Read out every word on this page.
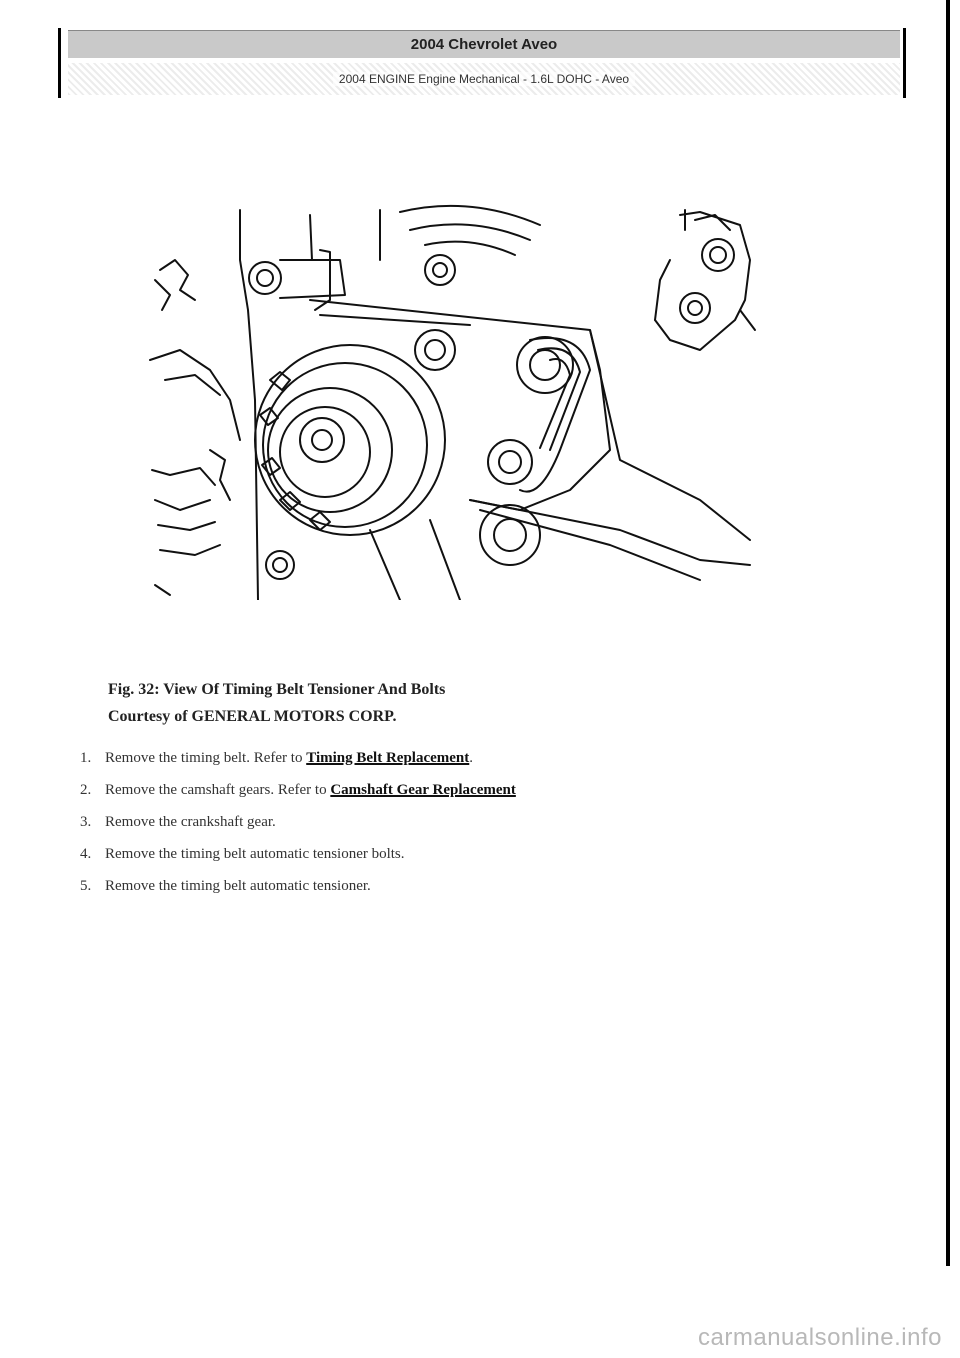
2004 Chevrolet Aveo
2004 ENGINE Engine Mechanical - 1.6L DOHC - Aveo
Fig. 32: View Of Timing Belt Tensioner And Bolts
Courtesy of GENERAL MOTORS CORP.
1. Remove the timing belt. Refer to Timing Belt Replacement .
2. Remove the camshaft gears. Refer to Camshaft Gear Replacement
3. Remove the crankshaft gear.
4. Remove the timing belt automatic tensioner bolts.
5. Remove the timing belt automatic tensioner.
carmanualsonline.info
